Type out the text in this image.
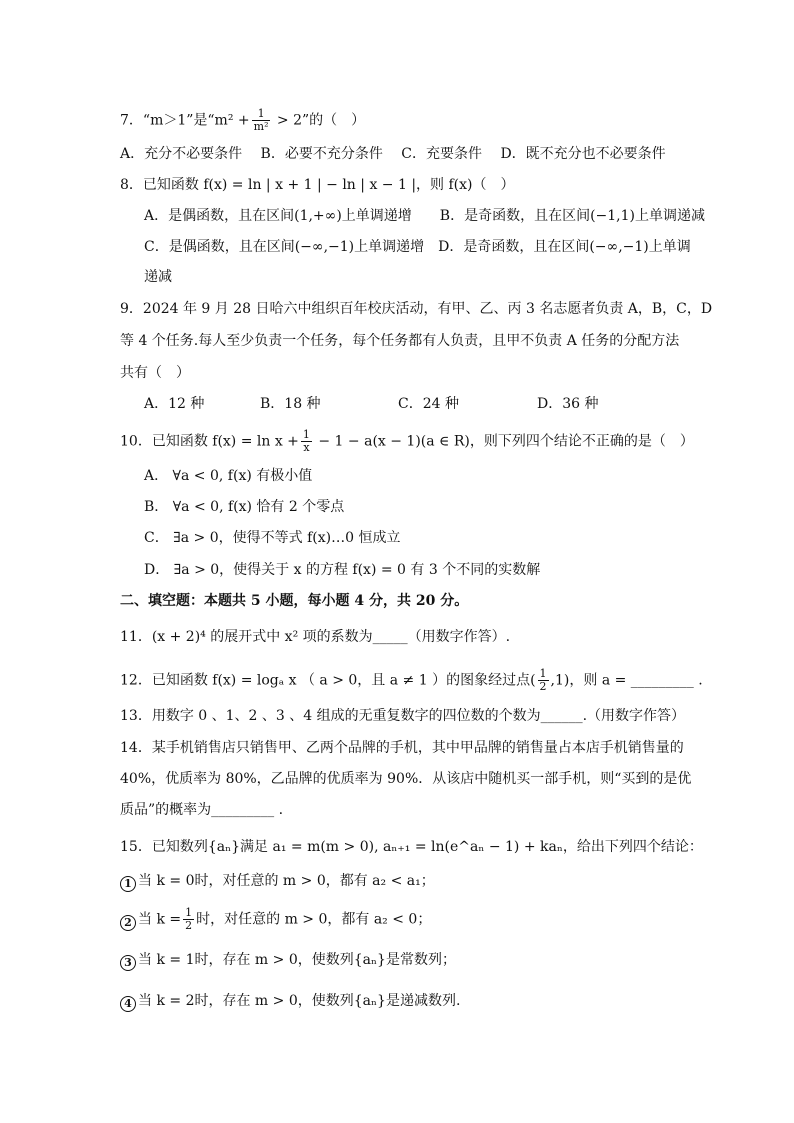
7．“m＞1”是“$m^2 + \frac{1}{\text{m²}} > 2$”的（　）
A．充分不必要条件　 B．必要不充分条件　 C．充要条件　 D．既不充分也不必要条件
8．已知函数 f(x) = ln | x + 1 | − ln | x − 1 |，则 f(x)（　）
A．是偶函数，且在区间(1,+∞)上单调递增　　B．是奇函数，且在区间(−1,1)上单调递减
C．是偶函数，且在区间(−∞,−1)上单调递增　D．是奇函数，且在区间(−∞,−1)上单调
递减
9．2024 年 9 月 28 日哈六中组织百年校庆活动，有甲、乙、丙 3 名志愿者负责 A，B，C，D
等 4 个任务.每人至少负责一个任务，每个任务都有人负责，且甲不负责 A 任务的分配方法
共有（　）
A．12 种	B．18 种	C．24 种	D．36 种
10．已知函数 $f(x) = \ln x + \frac{1}{x} - 1 - a(x - 1)(a$ ∈ R)，则下列四个结论不正确的是（　）
A． ∀a < 0, f(x) 有极小值
B． ∀a < 0, f(x) 恰有 2 个零点
C． ∃a > 0，使得不等式 f(x)…0 恒成立
D． ∃a > 0，使得关于 x 的方程 f(x) = 0 有 3 个不同的实数解
二、填空题：本题共 5 小题，每小题 4 分，共 20 分。
11．(x + 2)⁴ 的展开式中 x² 项的系数为_____（用数字作答）.
12．已知函数 f(x) = logₐ x （ a > 0，且 a ≠ 1 ）的图象经过点( $\frac{1}{2} ,1$)，则 a = _________ .
13．用数字 0 、1、2 、3 、4 组成的无重复数字的四位数的个数为______.（用数字作答）
14．某手机销售店只销售甲、乙两个品牌的手机，其中甲品牌的销售量占本店手机销售量的
40%，优质率为 80%，乙品牌的优质率为 90%．从该店中随机买一部手机，则“买到的是优
质品”的概率为_________ .
15．已知数列{aₙ}满足 a₁ = m(m > 0), aₙ₊₁ = ln(e^aₙ − 1) + kaₙ，给出下列四个结论：
1 当 k = 0时，对任意的 m > 0，都有 a₂ < a₁；
2 当 $k = \frac{1}{2}$ 时，对任意的 m > 0，都有 a₂ < 0；
3 当 k = 1时，存在 m > 0，使数列{aₙ}是常数列；
4 当 k = 2时，存在 m > 0，使数列{aₙ}是递减数列.
